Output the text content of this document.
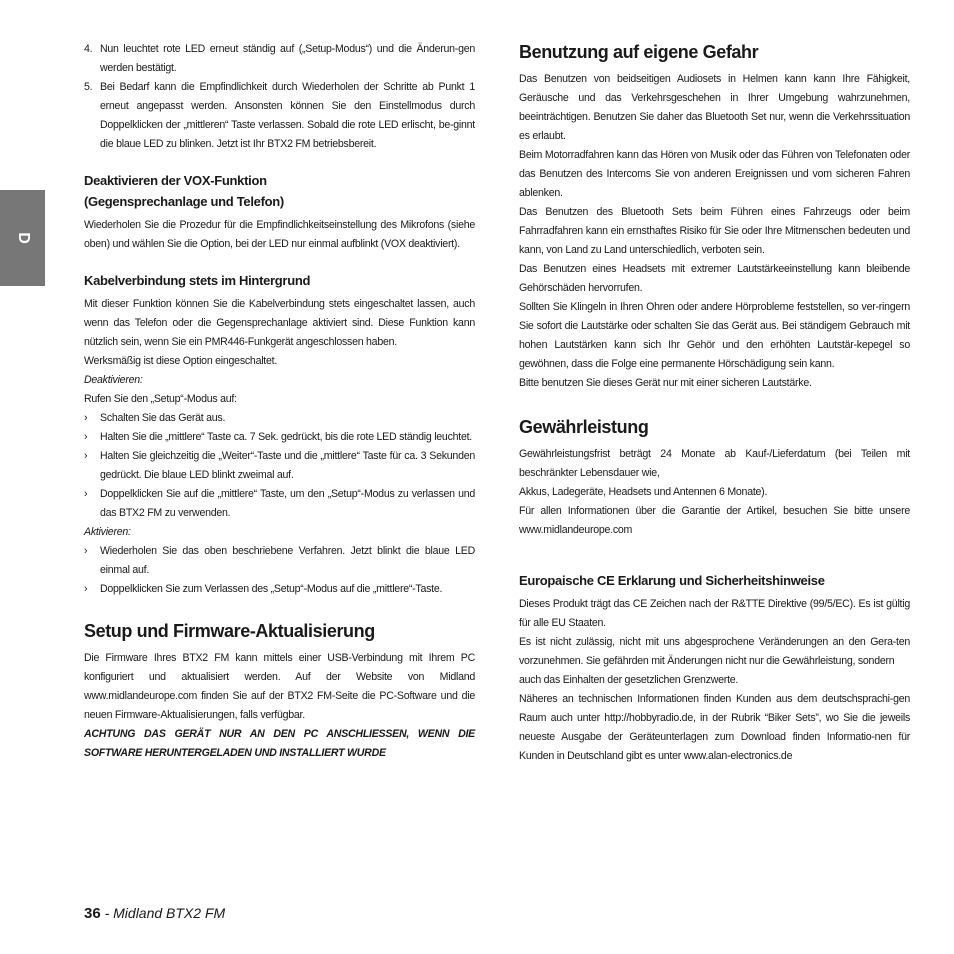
D
4. Nun leuchtet rote LED erneut ständig auf („Setup-Modus“) und die Änderun-gen werden bestätigt.
5. Bei Bedarf kann die Empfindlichkeit durch Wiederholen der Schritte ab Punkt 1 erneut angepasst werden. Ansonsten können Sie den Einstellmodus durch Doppelklicken der „mittleren“ Taste verlassen. Sobald die rote LED erlischt, be-ginnt die blaue LED zu blinken. Jetzt ist Ihr BTX2 FM betriebsbereit.
Deaktivieren der VOX-Funktion
(Gegensprechanlage und Telefon)

Wiederholen Sie die Prozedur für die Empfindlichkeitseinstellung des Mikrofons (siehe oben) und wählen Sie die Option, bei der LED nur einmal aufblinkt (VOX deaktiviert).

Kabelverbindung stets im Hintergrund

Mit dieser Funktion können Sie die Kabelverbindung stets eingeschaltet lassen, auch wenn das Telefon oder die Gegensprechanlage aktiviert sind. Diese Funktion kann nützlich sein, wenn Sie ein PMR446-Funkgerät angeschlossen haben.

Werksmäßig ist diese Option eingeschaltet.

Deaktivieren:

Rufen Sie den „Setup“-Modus auf:

›	Schalten Sie das Gerät aus.
›	Halten Sie die „mittlere“ Taste ca. 7 Sek. gedrückt, bis die rote LED ständig leuchtet.
›	Halten Sie gleichzeitig die „Weiter“-Taste und die „mittlere“ Taste für ca. 3 Sekunden gedrückt. Die blaue LED blinkt zweimal auf.
›	Doppelklicken Sie auf die „mittlere“ Taste, um den „Setup“-Modus zu verlassen und das BTX2 FM zu verwenden.

Aktivieren:

›	Wiederholen Sie das oben beschriebene Verfahren. Jetzt blinkt die blaue LED einmal auf.
›	Doppelklicken Sie zum Verlassen des „Setup“-Modus auf die „mittlere“-Taste.
Setup und Firmware-Aktualisierung

Die Firmware Ihres BTX2 FM kann mittels einer USB-Verbindung mit Ihrem PC konfiguriert und aktualisiert werden. Auf der Website von Midland www.midlandeurope.com finden Sie auf der BTX2 FM-Seite die PC-Software und die neuen Firmware-Aktualisierungen, falls verfügbar.

ACHTUNG DAS GERÄT NUR AN DEN PC ANSCHLIESSEN, WENN DIE SOFTWARE HERUNTERGELADEN UND INSTALLIERT WURDE

Benutzung auf eigene Gefahr

Das Benutzen von beidseitigen Audiosets in Helmen kann kann Ihre Fähigkeit, Geräusche und das Verkehrsgeschehen in Ihrer Umgebung wahrzunehmen, beeinträchtigen. Benutzen Sie daher das Bluetooth Set nur, wenn die Verkehrssituation es erlaubt.

Beim Motorradfahren kann das Hören von Musik oder das Führen von Telefonaten oder das Benutzen des Intercoms Sie von anderen Ereignissen und vom sicheren Fahren ablenken.

Das Benutzen des Bluetooth Sets beim Führen eines Fahrzeugs oder beim Fahrradfahren kann ein ernsthaftes Risiko für Sie oder Ihre Mitmenschen bedeuten und kann, von Land zu Land unterschiedlich, verboten sein.

Das Benutzen eines Headsets mit extremer Lautstärkeeinstellung kann bleibende Gehörschäden hervorrufen.

Sollten Sie Klingeln in Ihren Ohren oder andere Hörprobleme feststellen, so ver-ringern Sie sofort die Lautstärke oder schalten Sie das Gerät aus. Bei ständigem Gebrauch mit hohen Lautstärken kann sich Ihr Gehör und den erhöhten Lautstär-kepegel so gewöhnen, dass die Folge eine permanente Hörschädigung sein kann.

Bitte benutzen Sie dieses Gerät nur mit einer sicheren Lautstärke.

Gewährleistung

Gewährleistungsfrist beträgt 24 Monate ab Kauf-/Lieferdatum (bei Teilen mit beschränkter Lebensdauer wie,

Akkus, Ladegeräte, Headsets und Antennen 6 Monate).

Für allen Informationen über die Garantie der Artikel, besuchen Sie bitte unsere www.midlandeurope.com

Europaische CE Erklarung und Sicherheitshinweise

Dieses Produkt trägt das CE Zeichen nach der R&TTE Direktive (99/5/EC). Es ist gültig für alle EU Staaten.

Es ist nicht zulässig, nicht mit uns abgesprochene Veränderungen an den Gera-ten vorzunehmen. Sie gefährden mit Änderungen nicht nur die Gewährleistung, sondern

auch das Einhalten der gesetzlichen Grenzwerte.

Näheres an technischen Informationen finden Kunden aus dem deutschsprachi-gen Raum auch unter http://hobbyradio.de, in der Rubrik “Biker Sets”, wo Sie die jeweils neueste Ausgabe der Geräteunterlagen zum Download finden Informatio-nen für Kunden in Deutschland gibt es unter www.alan-electronics.de

36 - Midland BTX2 FM
